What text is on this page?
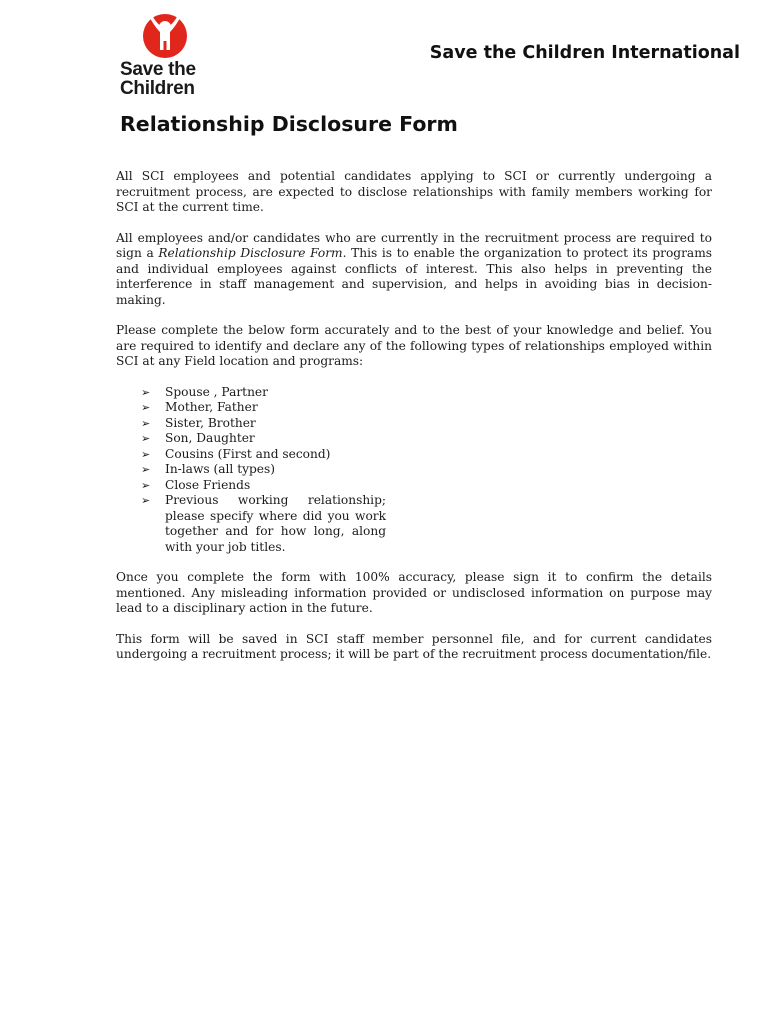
Save the
Children
Save the Children International
Relationship Disclosure Form

All SCI employees and potential candidates applying to SCI or currently undergoing a recruitment process, are expected to disclose relationships with family members working for SCI at the current time.

All employees and/or candidates who are currently in the recruitment process are required to sign a Relationship Disclosure Form. This is to enable the organization to protect its programs and individual employees against conflicts of interest. This also helps in preventing the interference in staff management and supervision, and helps in avoiding bias in decision-making.

Please complete the below form accurately and to the best of your knowledge and belief. You are required to identify and declare any of the following types of relationships employed within SCI at any Field location and programs:

➢ Spouse , Partner
➢ Mother, Father
➢ Sister, Brother
➢ Son, Daughter
➢ Cousins (First and second)
➢ In-laws (all types)
➢ Close Friends
➢ Previous working relationship; please specify where did you work together and for how long, along with your job titles.

Once you complete the form with 100% accuracy, please sign it to confirm the details mentioned. Any misleading information provided or undisclosed information on purpose may lead to a disciplinary action in the future.

This form will be saved in SCI staff member personnel file, and for current candidates undergoing a recruitment process; it will be part of the recruitment process documentation/file.
